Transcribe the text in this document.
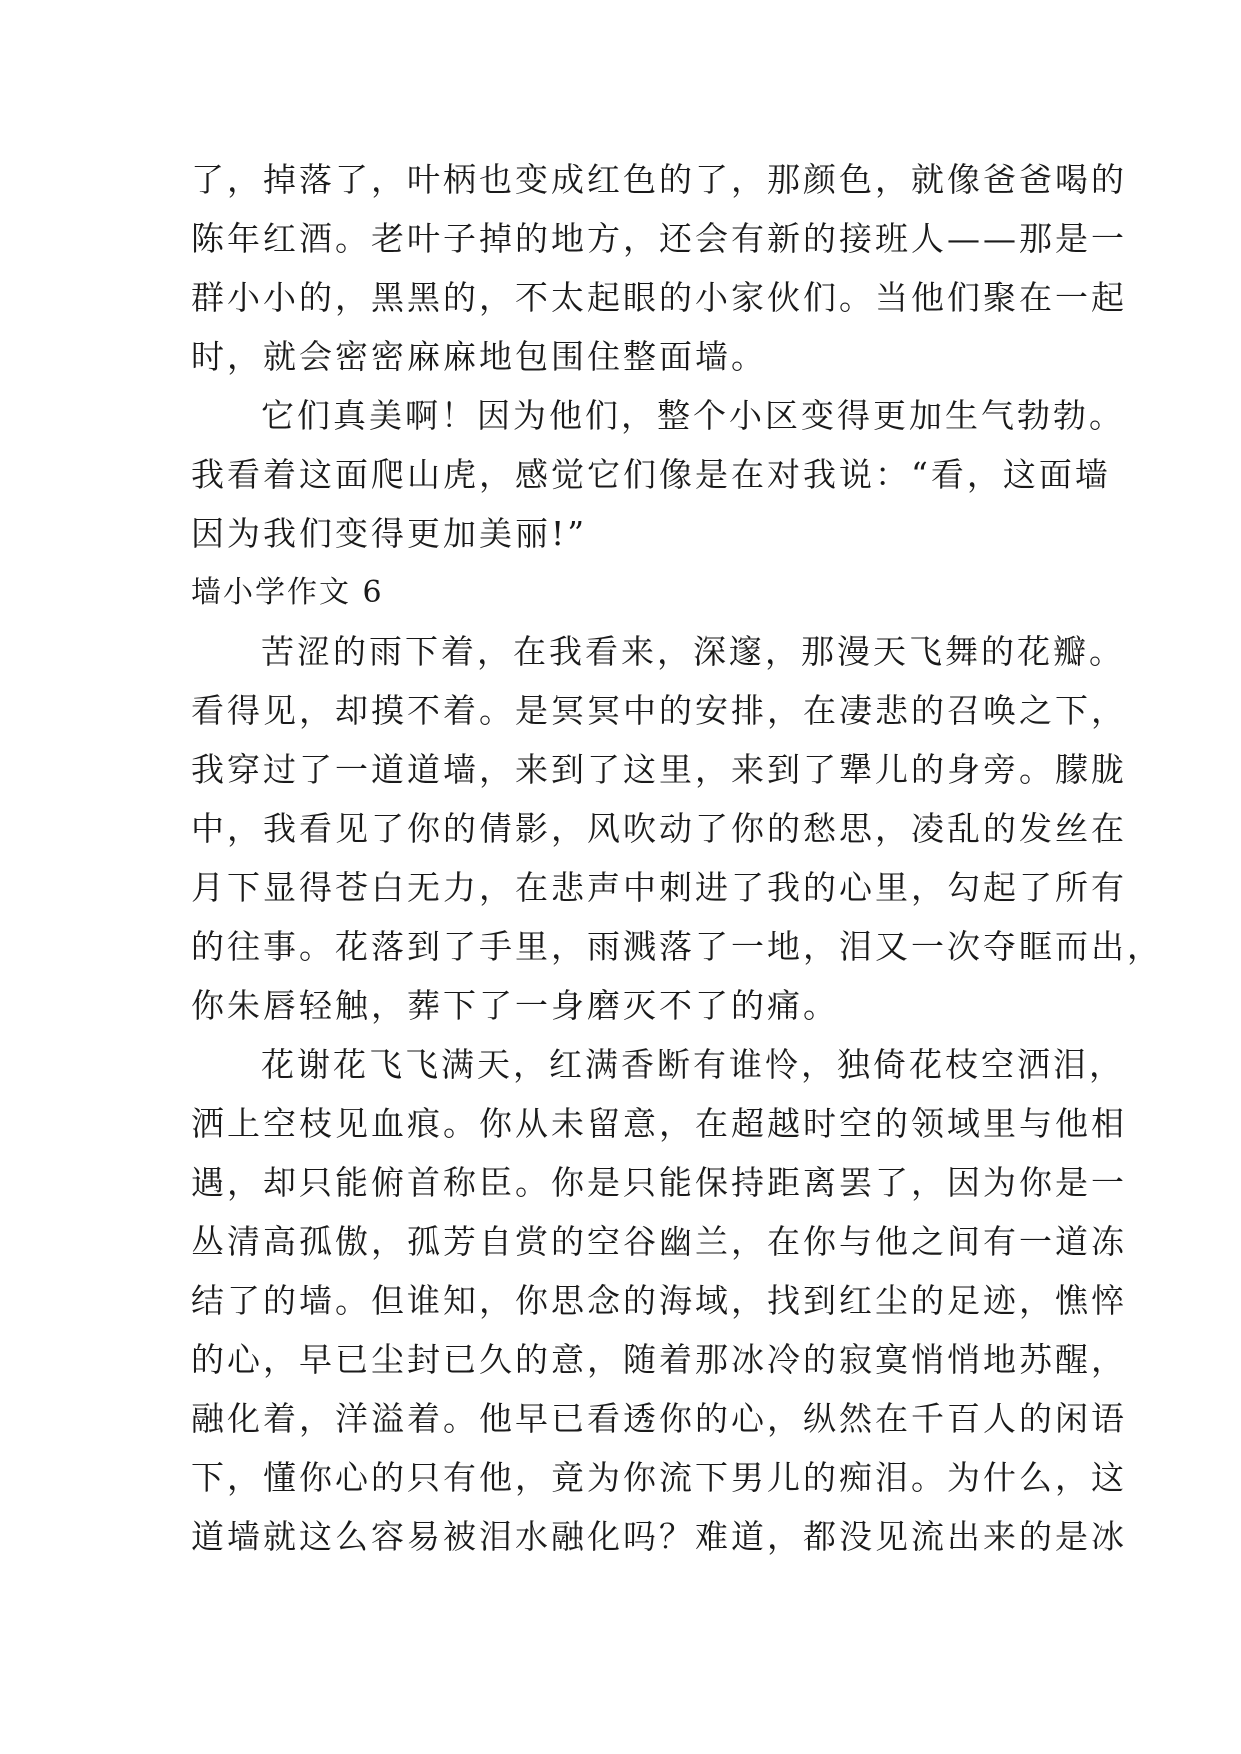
了，掉落了，叶柄也变成红色的了，那颜色，就像爸爸喝的
陈年红酒。老叶子掉的地方，还会有新的接班人——那是一
群小小的，黑黑的，不太起眼的小家伙们。当他们聚在一起
时，就会密密麻麻地包围住整面墙。
它们真美啊！因为他们，整个小区变得更加生气勃勃。
我看着这面爬山虎，感觉它们像是在对我说：“看，这面墙
因为我们变得更加美丽!”
墙小学作文 6
苦涩的雨下着，在我看来，深邃，那漫天飞舞的花瓣。
看得见，却摸不着。是冥冥中的安排，在凄悲的召唤之下，
我穿过了一道道墙，来到了这里，来到了犟儿的身旁。朦胧
中，我看见了你的倩影，风吹动了你的愁思，凌乱的发丝在
月下显得苍白无力，在悲声中刺进了我的心里，勾起了所有
的往事。花落到了手里，雨溅落了一地，泪又一次夺眶而出，
你朱唇轻触，葬下了一身磨灭不了的痛。
花谢花飞飞满天，红满香断有谁怜，独倚花枝空洒泪，
洒上空枝见血痕。你从未留意，在超越时空的领域里与他相
遇，却只能俯首称臣。你是只能保持距离罢了，因为你是一
丛清高孤傲，孤芳自赏的空谷幽兰，在你与他之间有一道冻
结了的墙。但谁知，你思念的海域，找到红尘的足迹，憔悴
的心，早已尘封已久的意，随着那冰冷的寂寞悄悄地苏醒，
融化着，洋溢着。他早已看透你的心，纵然在千百人的闲语
下，懂你心的只有他，竟为你流下男儿的痴泪。为什么，这
道墙就这么容易被泪水融化吗？难道，都没见流出来的是冰
